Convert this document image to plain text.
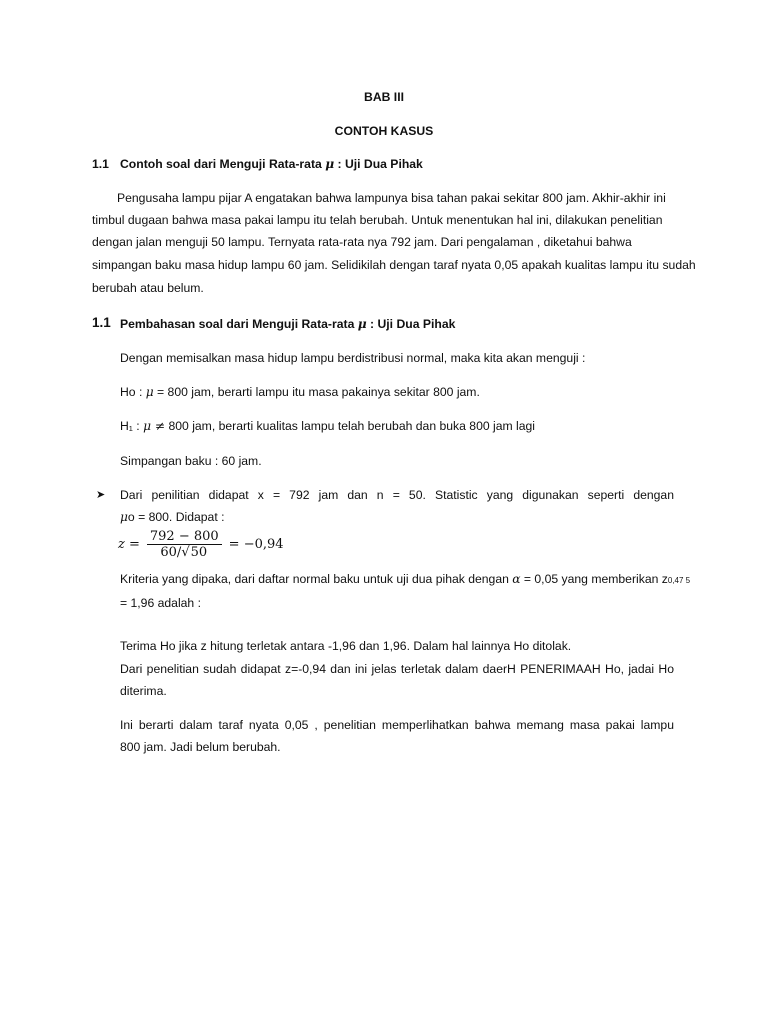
BAB III
CONTOH KASUS
1.1 Contoh soal dari Menguji Rata-rata μ : Uji Dua Pihak
Pengusaha lampu pijar A engatakan bahwa lampunya bisa tahan pakai sekitar 800 jam. Akhir-akhir ini
timbul dugaan bahwa masa pakai lampu itu telah berubah. Untuk menentukan hal ini, dilakukan penelitian
dengan jalan menguji 50 lampu. Ternyata rata-rata nya 792 jam. Dari pengalaman , diketahui bahwa
simpangan baku masa hidup lampu 60 jam. Selidikilah dengan taraf nyata 0,05 apakah kualitas lampu itu sudah
berubah atau belum.
1.1 Pembahasan soal dari Menguji Rata-rata μ : Uji Dua Pihak
Dengan memisalkan masa hidup lampu berdistribusi normal, maka kita akan menguji :
Ho : μ = 800 jam, berarti lampu itu masa pakainya sekitar 800 jam.
H₁ : μ ≠ 800 jam, berarti kualitas lampu telah berubah dan buka 800 jam lagi
Simpangan baku : 60 jam.
➤ Dari penilitian didapat x = 792 jam dan n = 50. Statistic yang digunakan seperti dengan
μo = 800. Didapat :
$z = \frac{792 - 800}{60/√50} = -0,94$
Kriteria yang dipaka, dari daftar normal baku untuk uji dua pihak dengan α = 0,05 yang memberikan z0,47 5
= 1,96 adalah :
Terima Ho jika z hitung terletak antara -1,96 dan 1,96. Dalam hal lainnya Ho ditolak.
Dari penelitian sudah didapat z=-0,94 dan ini jelas terletak dalam daerH PENERIMAAH Ho, jadai Ho
diterima.
Ini berarti dalam taraf nyata 0,05 , penelitian memperlihatkan bahwa memang masa pakai lampu
800 jam. Jadi belum berubah.
